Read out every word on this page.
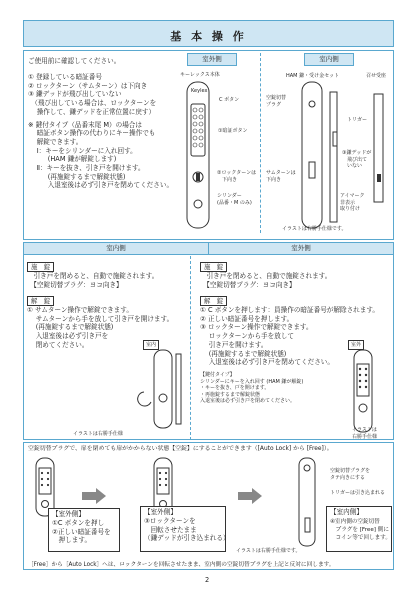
基 本 操 作
ご使用前に確認してください。
① 登録している暗証番号
② ロックターン（サムターン）は下向き
③ 鎌デッドが飛び出していない
　（飛び出している場合は、ロックターンを
　 操作して、鎌デッドを正常位置に戻す）
※ 鍵付タイプ（品番末尾 M）の場合は
　 暗証ボタン操作の代わりにキー操作でも
　 解錠できます。
　 Ⅰ：キーをシリンダーに入れ回す。
　　　(HAM 鎌が解錠します)
　 Ⅱ：キーを抜き、引き戸を開けます。
　　　(再施錠するまで解錠状態)
　　　入退室後は必ず引き戸を閉めてください。
室外側	室内側
キーレックス本体
Keylex
C ボタン
①暗証ボタン
②ロックターンは
　下向き
シリンダー
(品番・M のみ)
HAM 鎌・受け金セット	召せ受座
空錠切替
プラグ
トリガー
サムターンは
下向き
③鎌デッドが
　飛び出て
　いない
アイマーク
非表示
取り付け
イラストは右勝手仕様です。
室内側	室外側
施　錠
　引き戸を閉めると、自動で施錠されます。
　【空錠切替プラグ：ヨコ向き】
解　錠
① サムターン操作で解錠できます。
　 サムターンから手を放して引き戸を開けます。
　 (再施錠するまで解錠状態)
　 入退室後は必ず引き戸を
　 閉めてください。	室内
イラストは右勝手仕様
施　錠
　引き戸を閉めると、自動で施錠されます。
　【空錠切替プラグ：ヨコ向き】
解　錠
① C ボタンを押します：員操作の暗証番号が解除されます。
② 正しい暗証番号を押します。
③ ロックターン操作で解錠できます。
　 ロックターンから手を放して
　 引き戸を開けます。
　 (再施錠するまで解錠状態)
　 入退室後は必ず引き戸を閉めてください。
【鍵付タイプ】
シリンダーにキーを入れ回す (HAM 鎌が解錠)
・キーを抜き、戸を開けます。
・再施錠するまで解錠状態
入退室後は必ず引き戸を閉めてください。
室外
イラストは
右勝手仕様
空錠切替プラグで、扉を閉めても扉がかからない状態【空錠】にすることができます（[Auto Lock] から [Free]）。
【室外側】
①C ボタンを押し
②正しい暗証番号を
　押します。
【室外側】
③ロックターンを
　回転させたまま
（鎌デッドが引き込まれる）
空錠切替プラグを
タテ向きにする
トリガーは引き込まれる
【室内側】
④室内側の空錠切替
　プラグを [Free] 側に
　コイン等で回します。
イラストは右勝手仕様です。
［Free］から［Auto Lock］へは、ロックターンを回転させたまま、室内側の空錠切替プラグを上記と反対に回します。
2
